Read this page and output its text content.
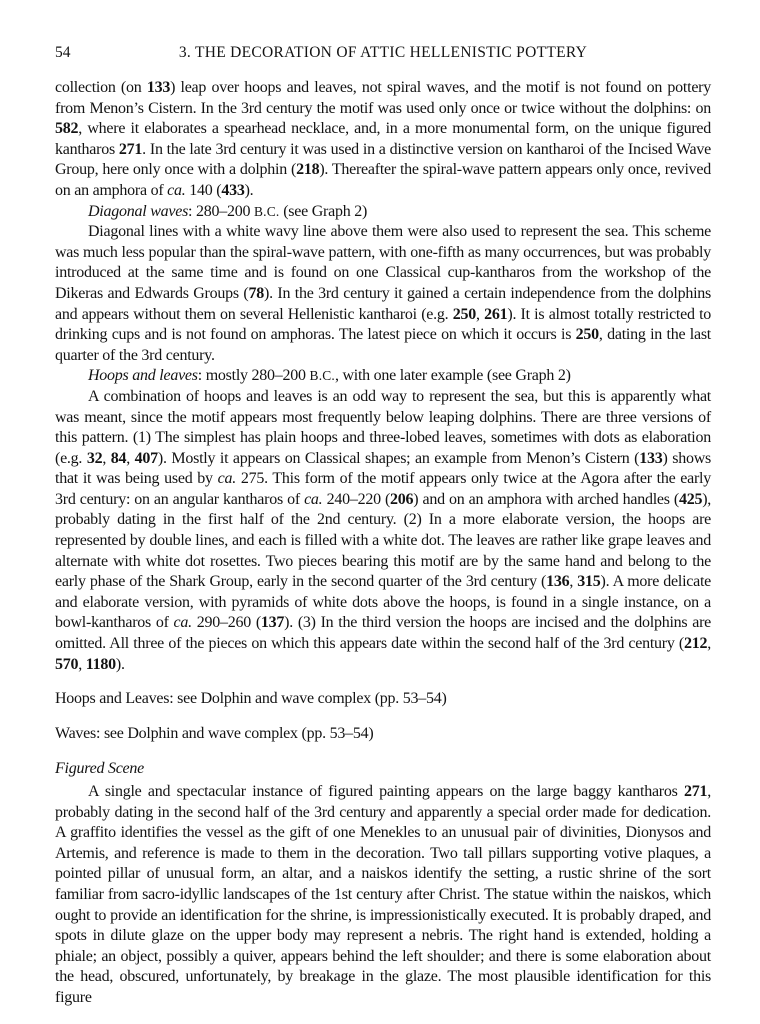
54	3. THE DECORATION OF ATTIC HELLENISTIC POTTERY

collection (on 133) leap over hoops and leaves, not spiral waves, and the motif is not found on pottery from Menon’s Cistern. In the 3rd century the motif was used only once or twice without the dolphins: on 582, where it elaborates a spearhead necklace, and, in a more monumental form, on the unique figured kantharos 271. In the late 3rd century it was used in a distinctive version on kantharoi of the Incised Wave Group, here only once with a dolphin (218). Thereafter the spiral-wave pattern appears only once, revived on an amphora of ca. 140 (433).

Diagonal waves: 280–200 B.C. (see Graph 2)

Diagonal lines with a white wavy line above them were also used to represent the sea. This scheme was much less popular than the spiral-wave pattern, with one-fifth as many occurrences, but was probably introduced at the same time and is found on one Classical cup-kantharos from the workshop of the Dikeras and Edwards Groups (78). In the 3rd century it gained a certain independence from the dolphins and appears without them on several Hellenistic kantharoi (e.g. 250, 261). It is almost totally restricted to drinking cups and is not found on amphoras. The latest piece on which it occurs is 250, dating in the last quarter of the 3rd century.

Hoops and leaves: mostly 280–200 B.C., with one later example (see Graph 2)

A combination of hoops and leaves is an odd way to represent the sea, but this is apparently what was meant, since the motif appears most frequently below leaping dolphins. There are three versions of this pattern. (1) The simplest has plain hoops and three-lobed leaves, sometimes with dots as elaboration (e.g. 32, 84, 407). Mostly it appears on Classical shapes; an example from Menon’s Cistern (133) shows that it was being used by ca. 275. This form of the motif appears only twice at the Agora after the early 3rd century: on an angular kantharos of ca. 240–220 (206) and on an amphora with arched handles (425), probably dating in the first half of the 2nd century. (2) In a more elaborate version, the hoops are represented by double lines, and each is filled with a white dot. The leaves are rather like grape leaves and alternate with white dot rosettes. Two pieces bearing this motif are by the same hand and belong to the early phase of the Shark Group, early in the second quarter of the 3rd century (136, 315). A more delicate and elaborate version, with pyramids of white dots above the hoops, is found in a single instance, on a bowl-kantharos of ca. 290–260 (137). (3) In the third version the hoops are incised and the dolphins are omitted. All three of the pieces on which this appears date within the second half of the 3rd century (212, 570, 1180).

Hoops and Leaves: see Dolphin and wave complex (pp. 53–54)

Waves: see Dolphin and wave complex (pp. 53–54)

Figured Scene

A single and spectacular instance of figured painting appears on the large baggy kantharos 271, probably dating in the second half of the 3rd century and apparently a special order made for dedication. A graffito identifies the vessel as the gift of one Menekles to an unusual pair of divinities, Dionysos and Artemis, and reference is made to them in the decoration. Two tall pillars supporting votive plaques, a pointed pillar of unusual form, an altar, and a naiskos identify the setting, a rustic shrine of the sort familiar from sacro-idyllic landscapes of the 1st century after Christ. The statue within the naiskos, which ought to provide an identification for the shrine, is impressionistically executed. It is probably draped, and spots in dilute glaze on the upper body may represent a nebris. The right hand is extended, holding a phiale; an object, possibly a quiver, appears behind the left shoulder; and there is some elaboration about the head, obscured, unfortunately, by breakage in the glaze. The most plausible identification for this figure
